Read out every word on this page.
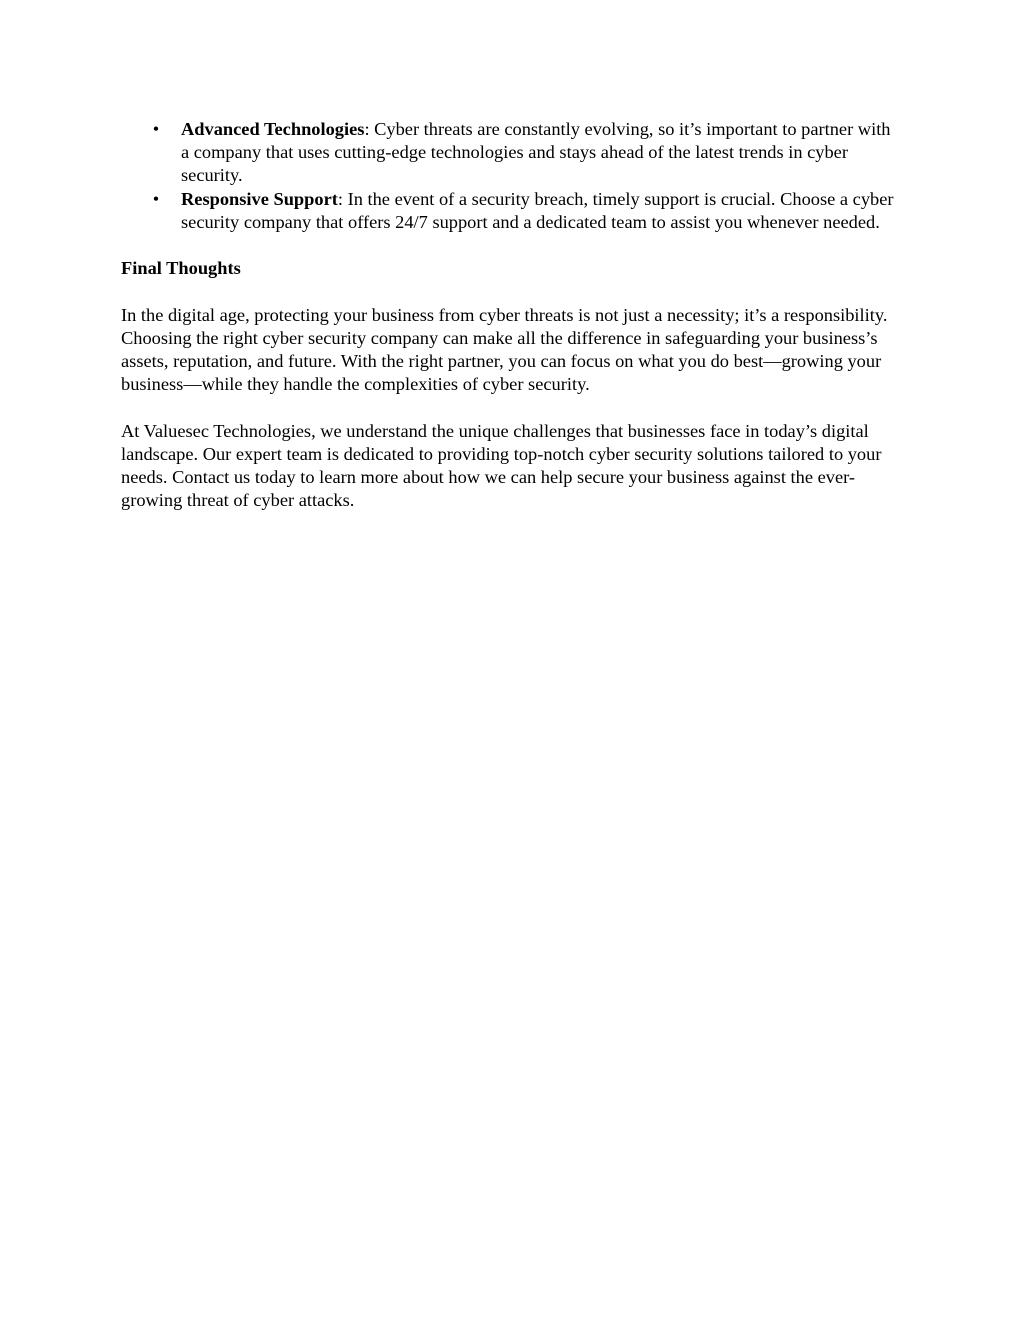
• Advanced Technologies: Cyber threats are constantly evolving, so it’s important to partner with a company that uses cutting-edge technologies and stays ahead of the latest trends in cyber security.
• Responsive Support: In the event of a security breach, timely support is crucial. Choose a cyber security company that offers 24/7 support and a dedicated team to assist you whenever needed.
Final Thoughts

In the digital age, protecting your business from cyber threats is not just a necessity; it’s a responsibility. Choosing the right cyber security company can make all the difference in safeguarding your business’s assets, reputation, and future. With the right partner, you can focus on what you do best—growing your business—while they handle the complexities of cyber security.

At Valuesec Technologies, we understand the unique challenges that businesses face in today’s digital landscape. Our expert team is dedicated to providing top-notch cyber security solutions tailored to your needs. Contact us today to learn more about how we can help secure your business against the ever-growing threat of cyber attacks.
